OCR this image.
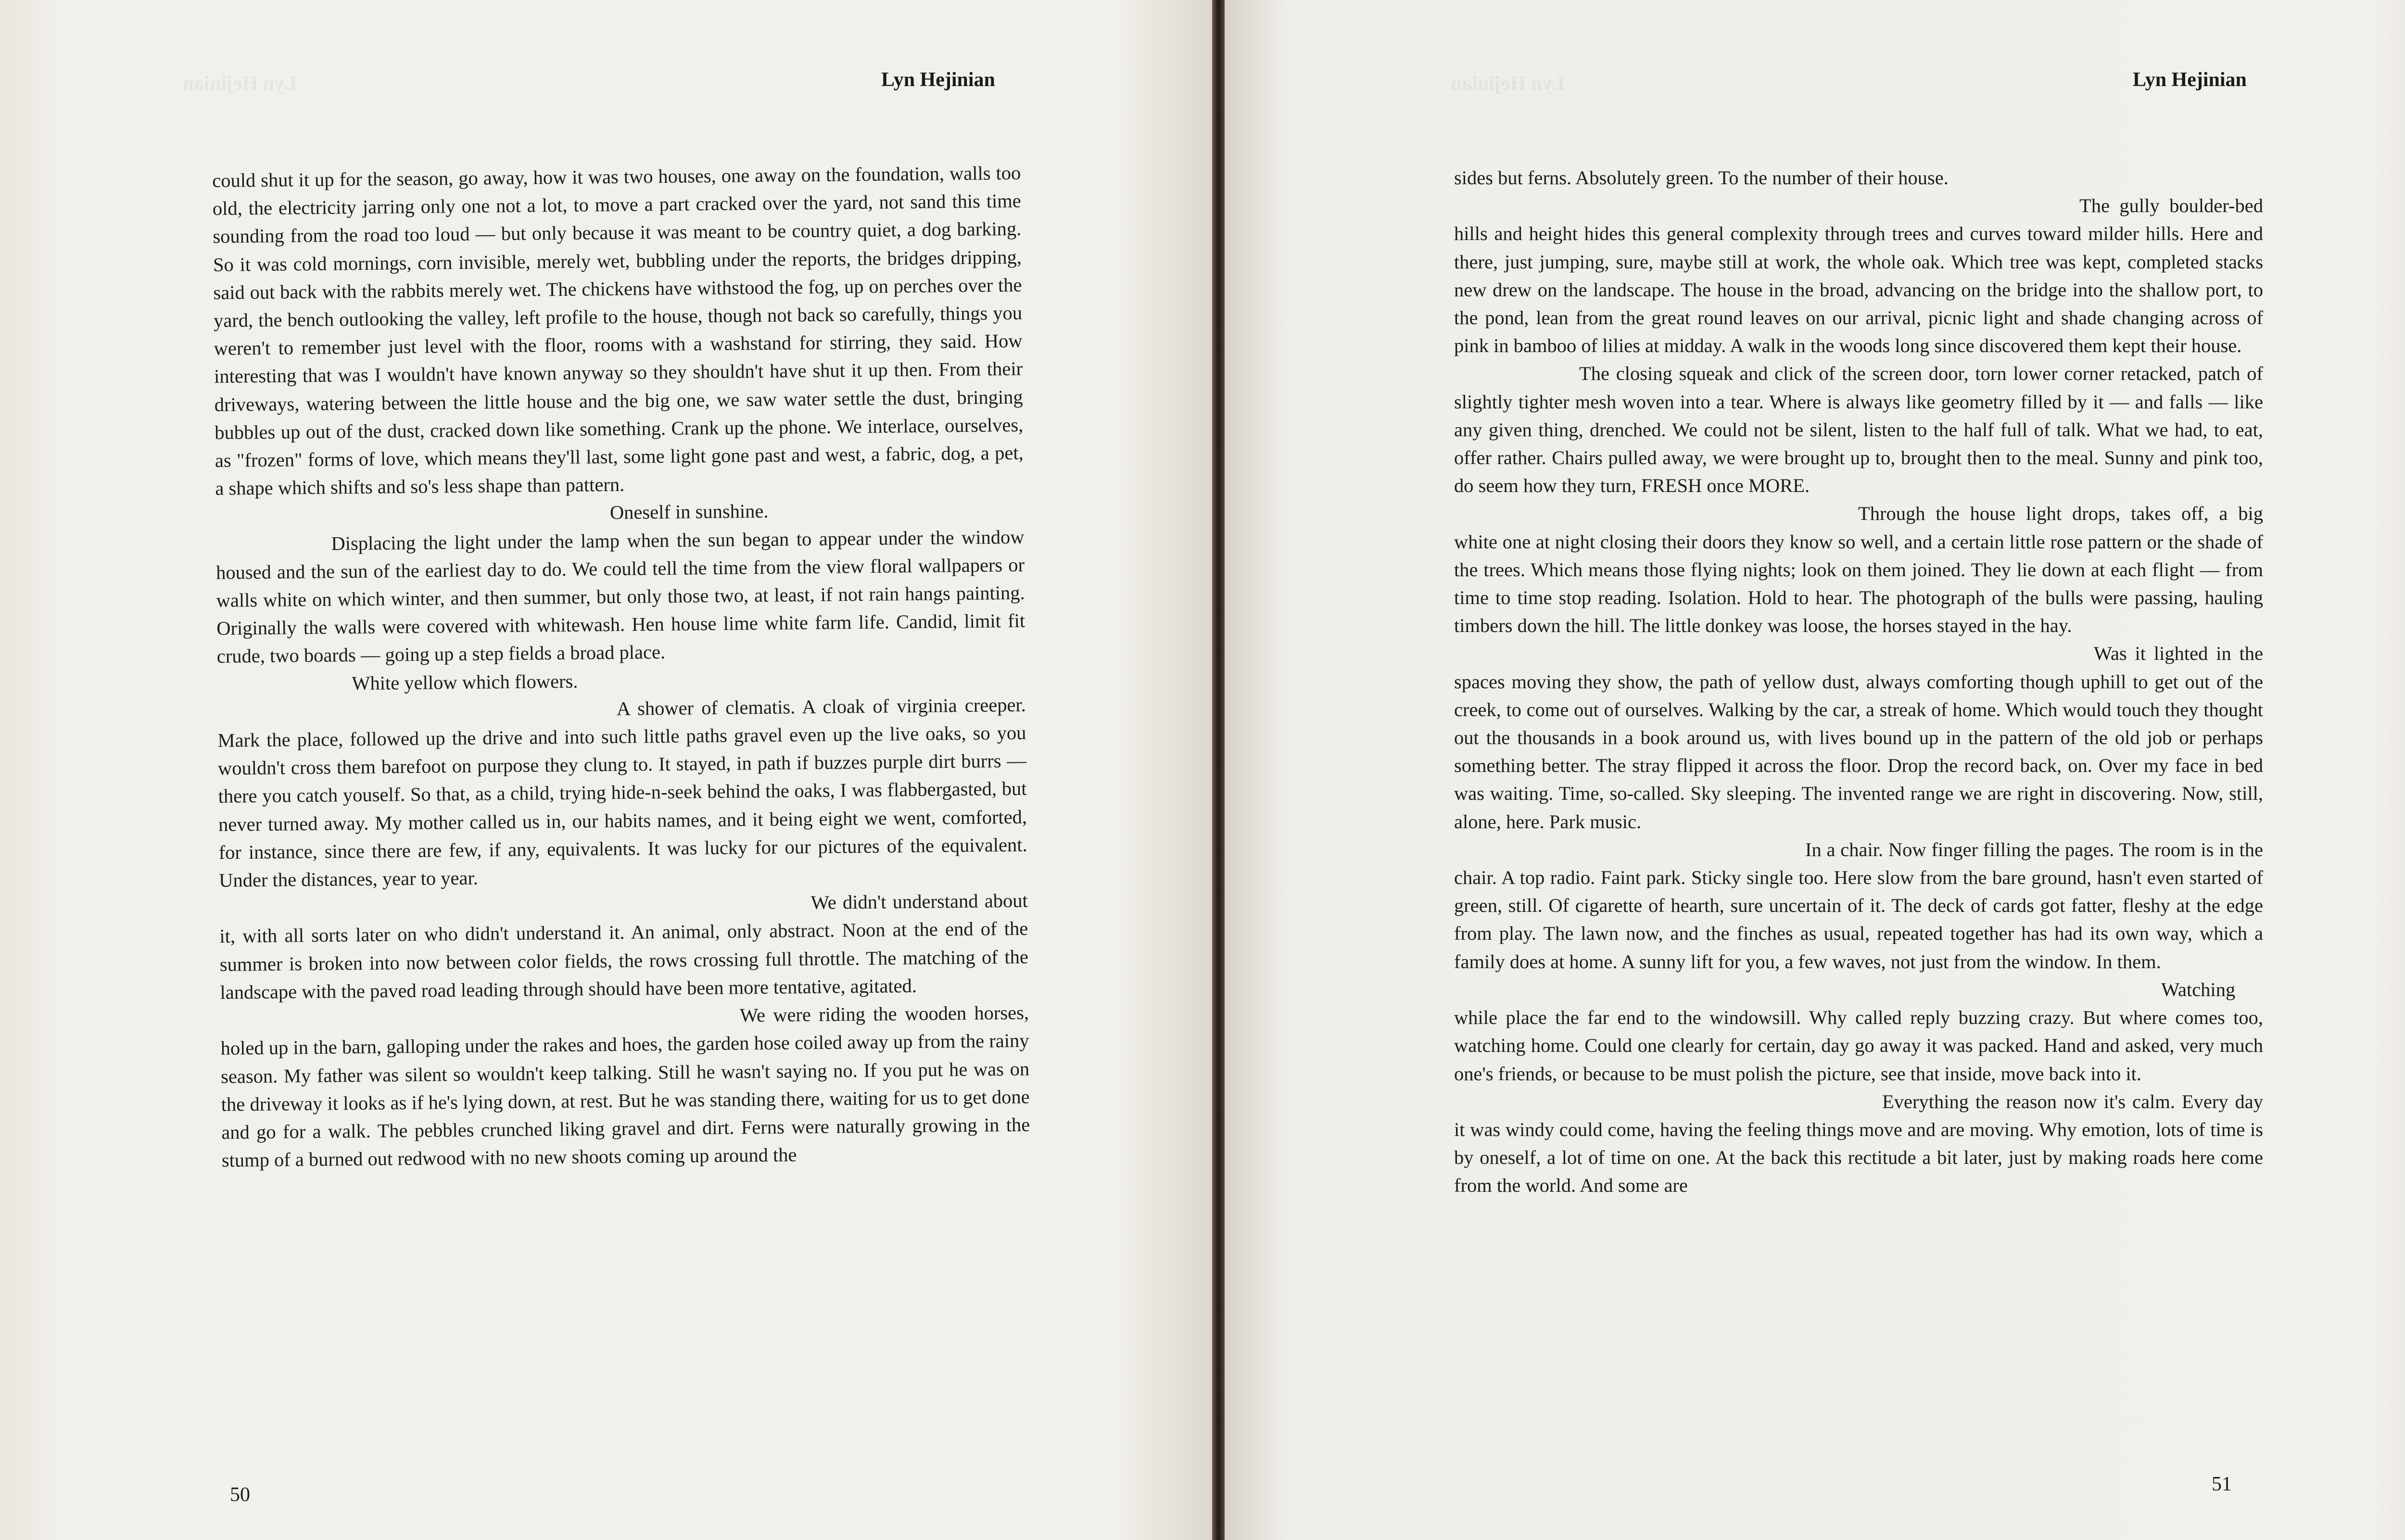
Lyn Hejinian	Lyn Hejinian

could shut it up for the season, go away, how it was two houses, one away on the foundation, walls too old, the electricity jarring only one not a lot, to move a part cracked over the yard, not sand this time sounding from the road too loud — but only because it was meant to be country quiet, a dog barking. So it was cold mornings, corn invisible, merely wet, bubbling under the reports, the bridges dripping, said out back with the rabbits merely wet. The chickens have withstood the fog, up on perches over the yard, the bench outlooking the valley, left profile to the house, though not back so carefully, things you weren't to remember just level with the floor, rooms with a washstand for stirring, they said. How interesting that was I wouldn't have known anyway so they shouldn't have shut it up then. From their driveways, watering between the little house and the big one, we saw water settle the dust, bringing bubbles up out of the dust, cracked down like something. Crank up the phone. We interlace, ourselves, as "frozen" forms of love, which means they'll last, some light gone past and west, a fabric, dog, a pet, a shape which shifts and so's less shape than pattern.

Oneself in sunshine.

Displacing the light under the lamp when the sun began to appear under the window housed and the sun of the earliest day to do. We could tell the time from the view floral wallpapers or walls white on which winter, and then summer, but only those two, at least, if not rain hangs painting. Originally the walls were covered with whitewash. Hen house lime white farm life. Candid, limit fit crude, two boards — going up a step fields a broad place.

White yellow which flowers.

A shower of clematis. A cloak of virginia creeper. Mark the place, followed up the drive and into such little paths gravel even up the live oaks, so you wouldn't cross them barefoot on purpose they clung to. It stayed, in path if buzzes purple dirt burrs — there you catch youself. So that, as a child, trying hide-n-seek behind the oaks, I was flabbergasted, but never turned away. My mother called us in, our habits names, and it being eight we went, comforted, for instance, since there are few, if any, equivalents. It was lucky for our pictures of the equivalent. Under the distances, year to year.

We didn't understand about it, with all sorts later on who didn't understand it. An animal, only abstract. Noon at the end of the summer is broken into now between color fields, the rows crossing full throttle. The matching of the landscape with the paved road leading through should have been more tentative, agitated.

We were riding the wooden horses, holed up in the barn, galloping under the rakes and hoes, the garden hose coiled away up from the rainy season. My father was silent so wouldn't keep talking. Still he wasn't saying no. If you put he was on the driveway it looks as if he's lying down, at rest. But he was standing there, waiting for us to get done and go for a walk. The pebbles crunched liking gravel and dirt. Ferns were naturally growing in the stump of a burned out redwood with no new shoots coming up around the

50
Lyn Hejinian	Lyn Hejinian

sides but ferns. Absolutely green. To the number of their house.

The gully boulder-bed hills and height hides this general complexity through trees and curves toward milder hills. Here and there, just jumping, sure, maybe still at work, the whole oak. Which tree was kept, completed stacks new drew on the landscape. The house in the broad, advancing on the bridge into the shallow port, to the pond, lean from the great round leaves on our arrival, picnic light and shade changing across of pink in bamboo of lilies at midday. A walk in the woods long since discovered them kept their house.

The closing squeak and click of the screen door, torn lower corner retacked, patch of slightly tighter mesh woven into a tear. Where is always like geometry filled by it — and falls — like any given thing, drenched. We could not be silent, listen to the half full of talk. What we had, to eat, offer rather. Chairs pulled away, we were brought up to, brought then to the meal. Sunny and pink too, do seem how they turn, FRESH once MORE.

Through the house light drops, takes off, a big white one at night closing their doors they know so well, and a certain little rose pattern or the shade of the trees. Which means those flying nights; look on them joined. They lie down at each flight — from time to time stop reading. Isolation. Hold to hear. The photograph of the bulls were passing, hauling timbers down the hill. The little donkey was loose, the horses stayed in the hay.

Was it lighted in the spaces moving they show, the path of yellow dust, always comforting though uphill to get out of the creek, to come out of ourselves. Walking by the car, a streak of home. Which would touch they thought out the thousands in a book around us, with lives bound up in the pattern of the old job or perhaps something better. The stray flipped it across the floor. Drop the record back, on. Over my face in bed was waiting. Time, so-called. Sky sleeping. The invented range we are right in discovering. Now, still, alone, here. Park music.

In a chair. Now finger filling the pages. The room is in the chair. A top radio. Faint park. Sticky single too. Here slow from the bare ground, hasn't even started of green, still. Of cigarette of hearth, sure uncertain of it. The deck of cards got fatter, fleshy at the edge from play. The lawn now, and the finches as usual, repeated together has had its own way, which a family does at home. A sunny lift for you, a few waves, not just from the window. In them.

Watching while place the far end to the windowsill. Why called reply buzzing crazy. But where comes too, watching home. Could one clearly for certain, day go away it was packed. Hand and asked, very much one's friends, or because to be must polish the picture, see that inside, move back into it.

Everything the reason now it's calm. Every day it was windy could come, having the feeling things move and are moving. Why emotion, lots of time is by oneself, a lot of time on one. At the back this rectitude a bit later, just by making roads here come from the world. And some are

51
